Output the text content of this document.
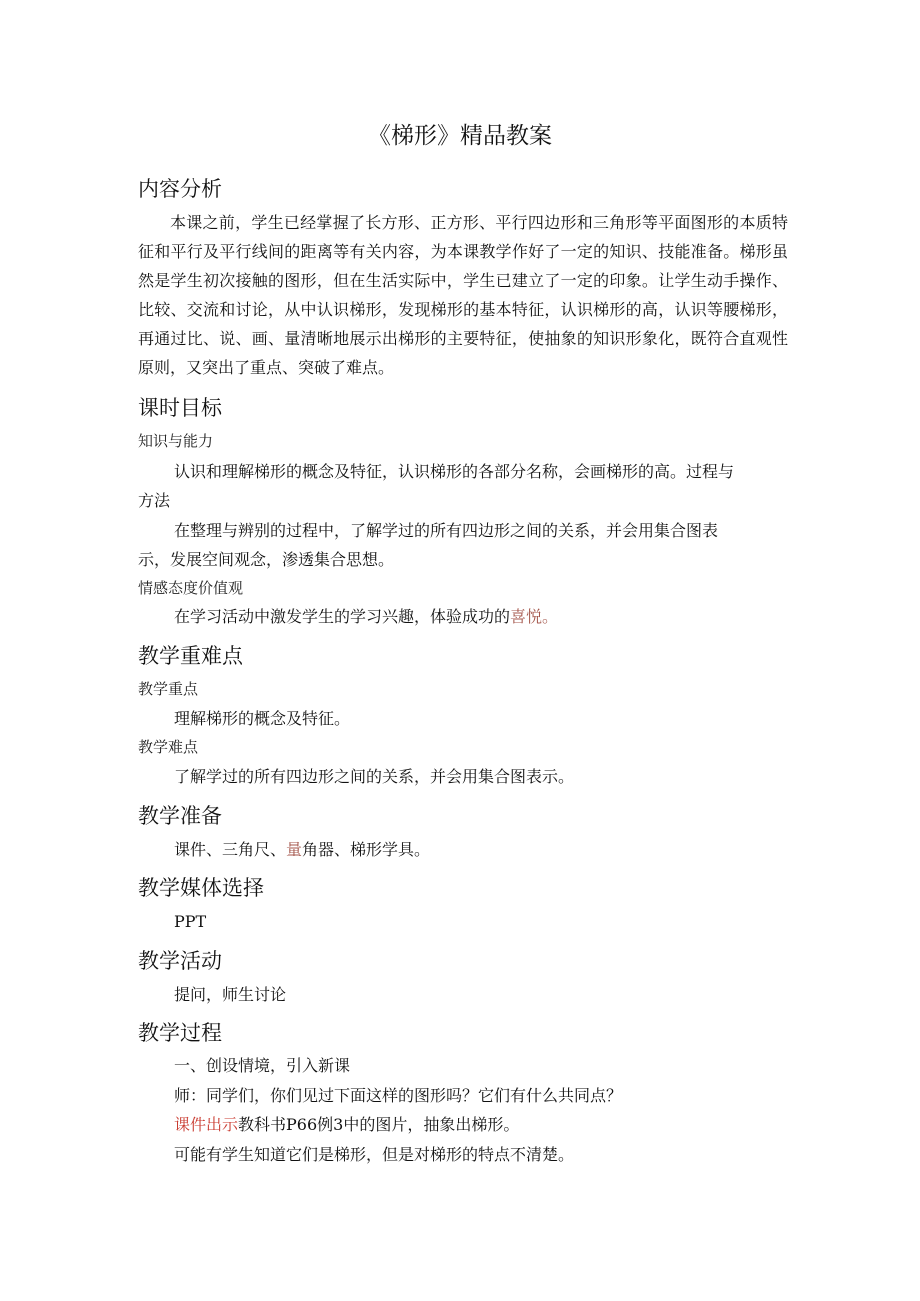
《梯形》精品教案
内容分析
本课之前，学生已经掌握了长方形、正方形、平行四边形和三角形等平面图形的本质特征和平行及平行线间的距离等有关内容，为本课教学作好了一定的知识、技能准备。梯形虽然是学生初次接触的图形，但在生活实际中，学生已建立了一定的印象。让学生动手操作、比较、交流和讨论，从中认识梯形，发现梯形的基本特征，认识梯形的高，认识等腰梯形，再通过比、说、画、量清晰地展示出梯形的主要特征，使抽象的知识形象化，既符合直观性原则，又突出了重点、突破了难点。
课时目标
知识与能力
认识和理解梯形的概念及特征，认识梯形的各部分名称，会画梯形的高。过程与
方法
在整理与辨别的过程中，了解学过的所有四边形之间的关系，并会用集合图表
示，发展空间观念，渗透集合思想。
情感态度价值观
在学习活动中激发学生的学习兴趣，体验成功的喜悦。
教学重难点
教学重点
理解梯形的概念及特征。
教学难点
了解学过的所有四边形之间的关系，并会用集合图表示。
教学准备
课件、三角尺、量角器、梯形学具。
教学媒体选择
PPT
教学活动
提问，师生讨论
教学过程
一、创设情境，引入新课
师：同学们，你们见过下面这样的图形吗？它们有什么共同点？
课件出示教科书P66例3中的图片，抽象出梯形。
可能有学生知道它们是梯形，但是对梯形的特点不清楚。
